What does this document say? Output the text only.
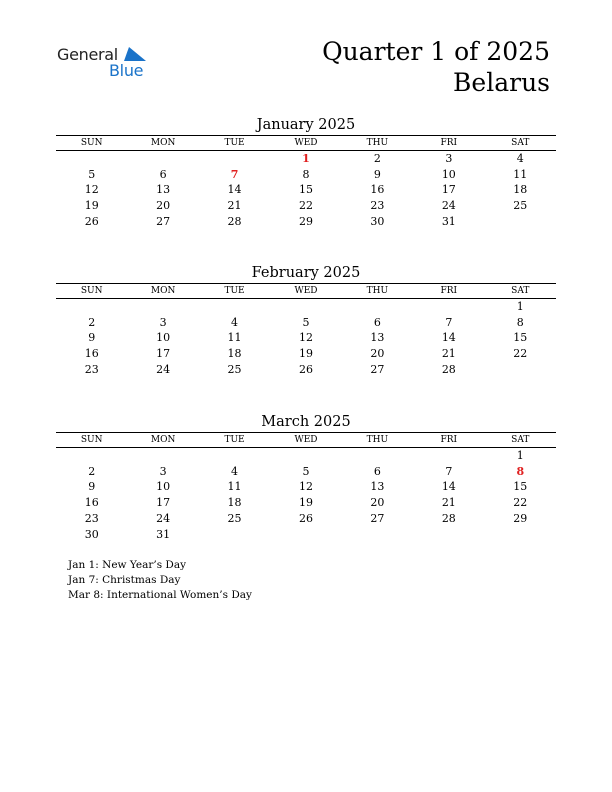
General
Blue
Quarter 1 of 2025
Belarus
January 2025
SUN	MON	TUE	WED	THU	FRI	SAT
			1	2	3	4
5	6	7	8	9	10	11
12	13	14	15	16	17	18
19	20	21	22	23	24	25
26	27	28	29	30	31	
February 2025
SUN	MON	TUE	WED	THU	FRI	SAT
						1
2	3	4	5	6	7	8
9	10	11	12	13	14	15
16	17	18	19	20	21	22
23	24	25	26	27	28	
March 2025
SUN	MON	TUE	WED	THU	FRI	SAT
						1
2	3	4	5	6	7	8
9	10	11	12	13	14	15
16	17	18	19	20	21	22
23	24	25	26	27	28	29
30	31					
Jan 1: New Year’s Day
Jan 7: Christmas Day
Mar 8: International Women’s Day
